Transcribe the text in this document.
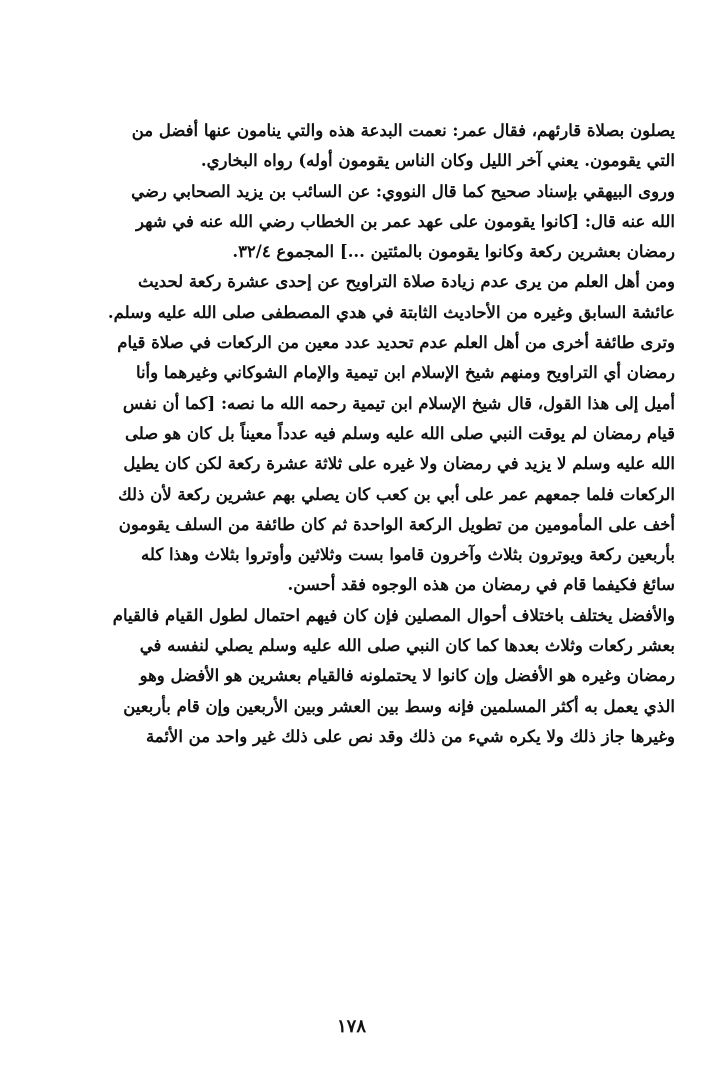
يصلون بصلاة قارئهم، فقال عمر: نعمت البدعة هذه والتي ينامون عنها أفضل من
التي يقومون. يعني آخر الليل وكان الناس يقومون أوله) رواه البخاري.
وروى البيهقي بإسناد صحيح كما قال النووي: عن السائب بن يزيد الصحابي رضي
الله عنه قال: [كانوا يقومون على عهد عمر بن الخطاب رضي الله عنه في شهر
رمضان بعشرين ركعة وكانوا يقومون بالمئتين ...] المجموع ٣٢/٤.
ومن أهل العلم من يرى عدم زيادة صلاة التراويح عن إحدى عشرة ركعة لحديث
عائشة السابق وغيره من الأحاديث الثابتة في هدي المصطفى صلى الله عليه وسلم.
وترى طائفة أخرى من أهل العلم عدم تحديد عدد معين من الركعات في صلاة قيام
رمضان أي التراويح ومنهم شيخ الإسلام ابن تيمية والإمام الشوكاني وغيرهما وأنا
أميل إلى هذا القول، قال شيخ الإسلام ابن تيمية رحمه الله ما نصه: [كما أن نفس
قيام رمضان لم يوقت النبي صلى الله عليه وسلم فيه عدداً معيناً بل كان هو صلى
الله عليه وسلم لا يزيد في رمضان ولا غيره على ثلاثة عشرة ركعة لكن كان يطيل
الركعات فلما جمعهم عمر على أبي بن كعب كان يصلي بهم عشرين ركعة لأن ذلك
أخف على المأمومين من تطويل الركعة الواحدة ثم كان طائفة من السلف يقومون
بأربعين ركعة ويوترون بثلاث وآخرون قاموا بست وثلاثين وأوتروا بثلاث وهذا كله
سائغ فكيفما قام في رمضان من هذه الوجوه فقد أحسن.
والأفضل يختلف باختلاف أحوال المصلين فإن كان فيهم احتمال لطول القيام فالقيام
بعشر ركعات وثلاث بعدها كما كان النبي صلى الله عليه وسلم يصلي لنفسه في
رمضان وغيره هو الأفضل وإن كانوا لا يحتملونه فالقيام بعشرين هو الأفضل وهو
الذي يعمل به أكثر المسلمين فإنه وسط بين العشر وبين الأربعين وإن قام بأربعين
وغيرها جاز ذلك ولا يكره شيء من ذلك وقد نص على ذلك غير واحد من الأئمة
١٧٨
